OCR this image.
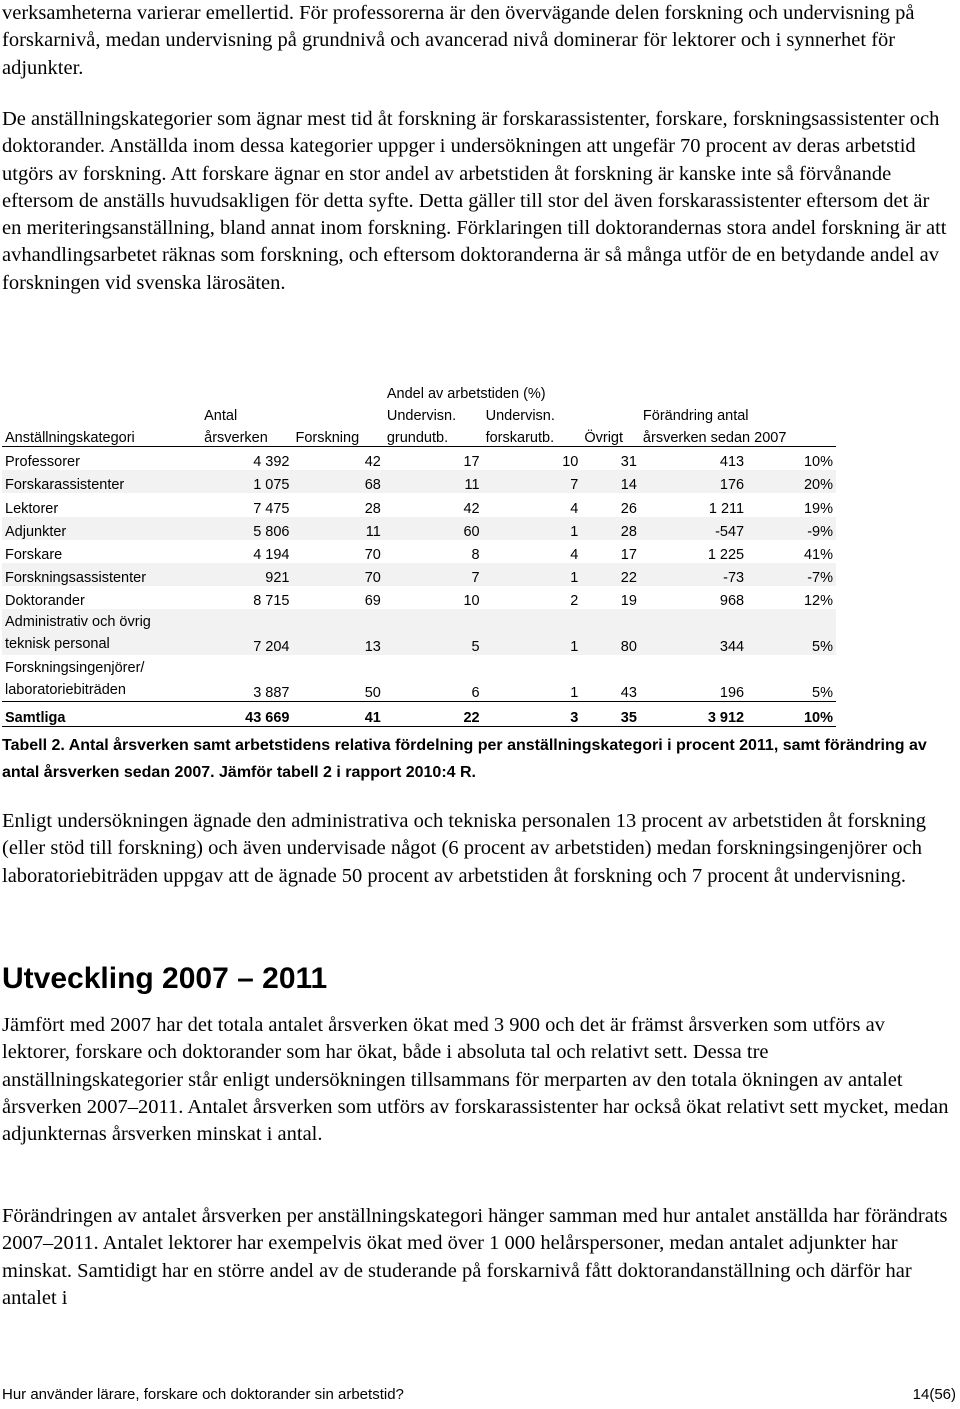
verksamheterna varierar emellertid. För professorerna är den övervägande delen forskning och undervisning på forskarnivå, medan undervisning på grundnivå och avancerad nivå dominerar för lektorer och i synnerhet för adjunkter.

De anställningskategorier som ägnar mest tid åt forskning är forskarassistenter, forskare, forskningsassistenter och doktorander. Anställda inom dessa kategorier uppger i undersökningen att ungefär 70 procent av deras arbetstid utgörs av forskning. Att forskare ägnar en stor andel av arbetstiden åt forskning är kanske inte så förvånande eftersom de anställs huvudsakligen för detta syfte. Detta gäller till stor del även forskarassistenter eftersom det är en meriteringsanställning, bland annat inom forskning. Förklaringen till doktorandernas stora andel forskning är att avhandlingsarbetet räknas som forskning, och eftersom doktoranderna är så många utför de en betydande andel av forskningen vid svenska lärosäten.

			Andel av arbetstiden (%)				
	Antal		Undervisn.	Undervisn.		Förändring antal	
Anställningskategori	årsverken	Forskning	grundutb.	forskarutb.	Övrigt	årsverken sedan 2007	
Professorer	4 392	42	17	10	31	413	10%
Forskarassistenter	1 075	68	11	7	14	176	20%
Lektorer	7 475	28	42	4	26	1 211	19%
Adjunkter	5 806	11	60	1	28	-547	-9%
Forskare	4 194	70	8	4	17	1 225	41%
Forskningsassistenter	921	70	7	1	22	-73	-7%
Doktorander	8 715	69	10	2	19	968	12%

Administrativ och övrig
teknisk personal	7 204	13	5	1	80	344	5%

Forskningsingenjörer/
laboratoriebiträden	3 887	50	6	1	43	196	5%
Samtliga	43 669	41	22	3	35	3 912	10%

Tabell 2. Antal årsverken samt arbetstidens relativa fördelning per anställningskategori i procent 2011, samt förändring av antal årsverken sedan 2007. Jämför tabell 2 i rapport 2010:4 R.

Enligt undersökningen ägnade den administrativa och tekniska personalen 13 procent av arbetstiden åt forskning (eller stöd till forskning) och även undervisade något (6 procent av arbetstiden) medan forskningsingenjörer och laboratoriebiträden uppgav att de ägnade 50 procent av arbetstiden åt forskning och 7 procent åt undervisning.

Utveckling 2007 – 2011

Jämfört med 2007 har det totala antalet årsverken ökat med 3 900 och det är främst årsverken som utförs av lektorer, forskare och doktorander som har ökat, både i absoluta tal och relativt sett. Dessa tre anställningskategorier står enligt undersökningen tillsammans för merparten av den totala ökningen av antalet årsverken 2007–2011. Antalet årsverken som utförs av forskarassistenter har också ökat relativt sett mycket, medan adjunkternas årsverken minskat i antal.

Förändringen av antalet årsverken per anställningskategori hänger samman med hur antalet anställda har förändrats 2007–2011. Antalet lektorer har exempelvis ökat med över 1 000 helårspersoner, medan antalet adjunkter har minskat. Samtidigt har en större andel av de studerande på forskarnivå fått doktorandanställning och därför har antalet i

Hur använder lärare, forskare och doktorander sin arbetstid?	14(56)
